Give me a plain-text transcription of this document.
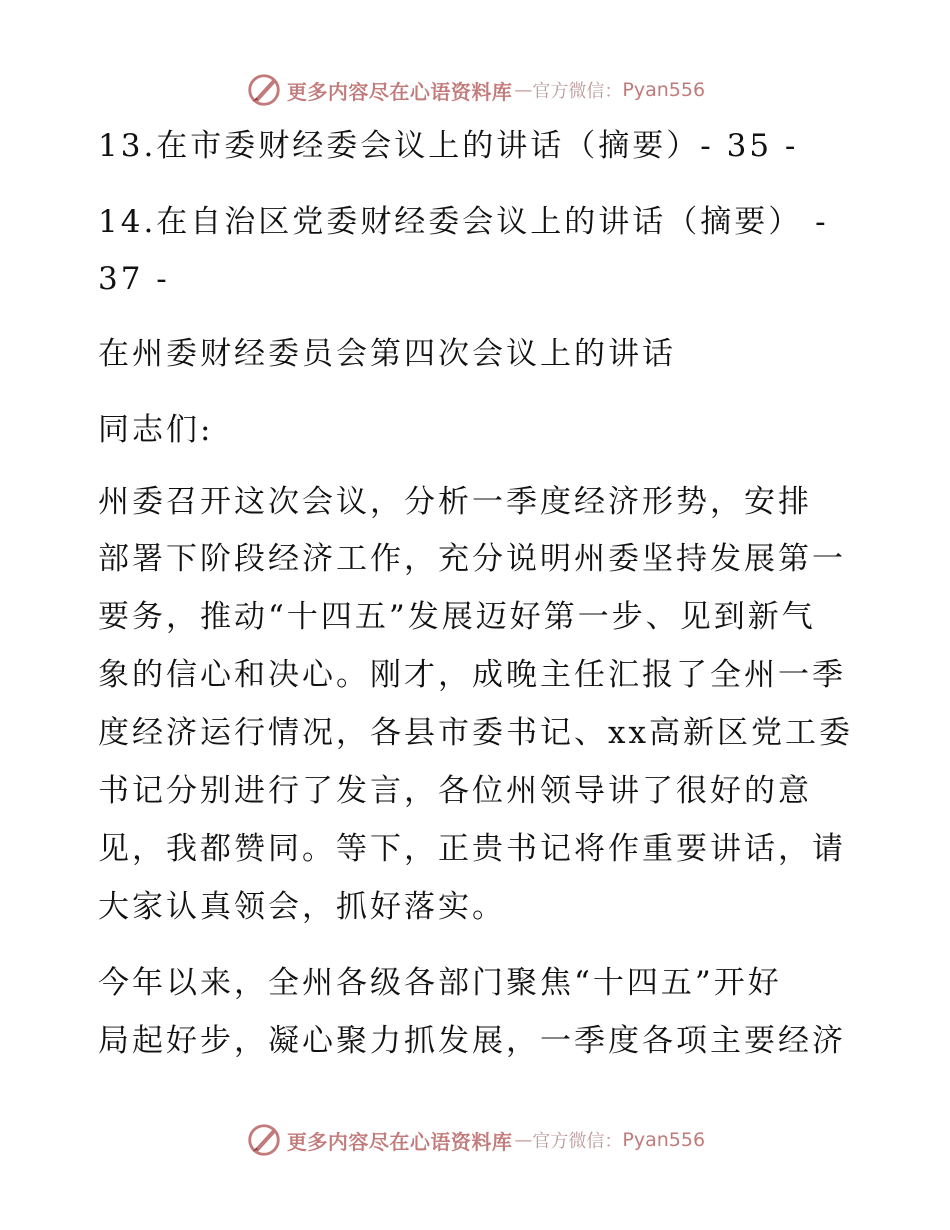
更多内容尽在心语资料库 — 官方微信： Pyan556
13.在市委财经委会议上的讲话（摘要）- 35 -
14.在自治区党委财经委会议上的讲话（摘要） -
37 -
在州委财经委员会第四次会议上的讲话
同志们:
州委召开这次会议，分析一季度经济形势，安排
部署下阶段经济工作，充分说明州委坚持发展第一
要务，推动“十四五”发展迈好第一步、见到新气
象的信心和决心。刚才，成晚主任汇报了全州一季
度经济运行情况，各县市委书记、xx高新区党工委
书记分别进行了发言，各位州领导讲了很好的意
见，我都赞同。等下，正贵书记将作重要讲话，请
大家认真领会，抓好落实。
今年以来，全州各级各部门聚焦“十四五”开好
局起好步，凝心聚力抓发展，一季度各项主要经济
更多内容尽在心语资料库 — 官方微信： Pyan556
